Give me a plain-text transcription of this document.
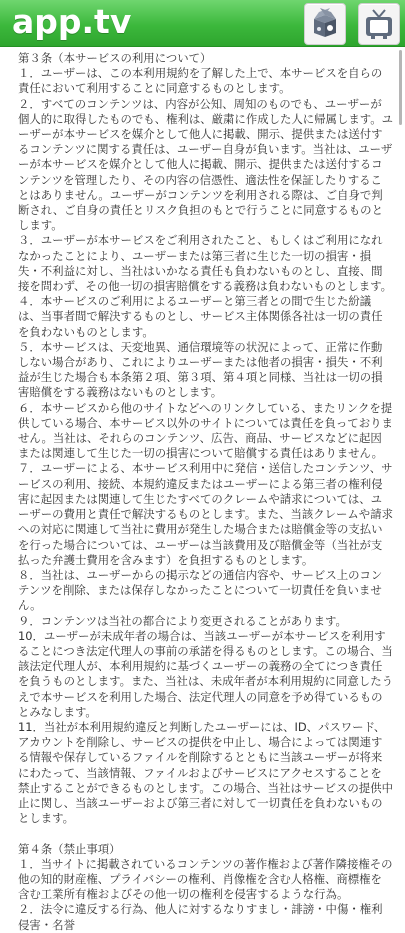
app.tv
第３条（本サービスの利用について）
１．ユーザーは、この本利用規約を了解した上で、本サービスを自らの責任において利用することに同意するものとします。
２．すべてのコンテンツは、内容が公知、周知のものでも、ユーザーが個人的に取得したものでも、権利は、厳粛に作成した人に帰属します。ユーザーが本サービスを媒介として他人に掲載、開示、提供または送付するコンテンツに関する責任は、ユーザー自身が負います。当社は、ユーザーが本サービスを媒介として他人に掲載、開示、提供または送付するコンテンツを管理したり、その内容の信憑性、適法性を保証したりすることはありません。ユーザーがコンテンツを利用される際は、ご自身で判断され、ご自身の責任とリスク負担のもとで行うことに同意するものとします。
３．ユーザーが本サービスをご利用されたこと、もしくはご利用になれなかったことにより、ユーザーまたは第三者に生じた一切の損害・損失・不利益に対し、当社はいかなる責任も負わないものとし、直接、間接を問わず、その他一切の損害賠償をする義務は負わないものとします。
４．本サービスのご利用によるユーザーと第三者との間で生じた紛議は、当事者間で解決するものとし、サービス主体関係各社は一切の責任を負わないものとします。
５．本サービスは、天変地異、通信環境等の状況によって、正常に作動しない場合があり、これによりユーザーまたは他者の損害・損失・不利益が生じた場合も本条第２項、第３項、第４項と同様、当社は一切の損害賠償をする義務はないものとします。
６．本サービスから他のサイトなどへのリンクしている、またリンクを提供している場合、本サービス以外のサイトについては責任を負っておりません。当社は、それらのコンテンツ、広告、商品、サービスなどに起因または関連して生じた一切の損害について賠償する責任はありません。
７．ユーザーによる、本サービス利用中に発信・送信したコンテンツ、サービスの利用、接続、本規約違反またはユーザーによる第三者の権利侵害に起因または関連して生じたすべてのクレームや請求については、ユーザーの費用と責任で解決するものとします。また、当該クレームや請求への対応に関連して当社に費用が発生した場合または賠償金等の支払いを行った場合については、ユーザーは当該費用及び賠償金等（当社が支払った弁護士費用を含みます）を負担するものとします。
８．当社は、ユーザーからの掲示などの通信内容や、サービス上のコンテンツを削除、または保存しなかったことについて一切責任を負いません。
９．コンテンツは当社の都合により変更されることがあります。
10．ユーザーが未成年者の場合は、当該ユーザーが本サービスを利用することにつき法定代理人の事前の承諾を得るものとします。この場合、当該法定代理人が、本利用規約に基づくユーザーの義務の全てにつき責任を負うものとします。また、当社は、未成年者が本利用規約に同意したうえで本サービスを利用した場合、法定代理人の同意を予め得ているものとみなします。
11．当社が本利用規約違反と判断したユーザーには、ID、パスワード、アカウントを削除し、サービスの提供を中止し、場合によっては関連する情報や保存しているファイルを削除するとともに当該ユーザーが将来にわたって、当該情報、ファイルおよびサービスにアクセスすることを禁止することができるものとします。この場合、当社はサービスの提供中止に関し、当該ユーザーおよび第三者に対して一切責任を負わないものとします。

第４条（禁止事項）
１．当サイトに掲載されているコンテンツの著作権および著作隣接権その他の知的財産権、プライバシーの権利、肖像権を含む人格権、商標権を含む工業所有権およびその他一切の権利を侵害するような行為。
２．法令に違反する行為、他人に対するなりすまし・誹謗・中傷・権利侵害・名誉
